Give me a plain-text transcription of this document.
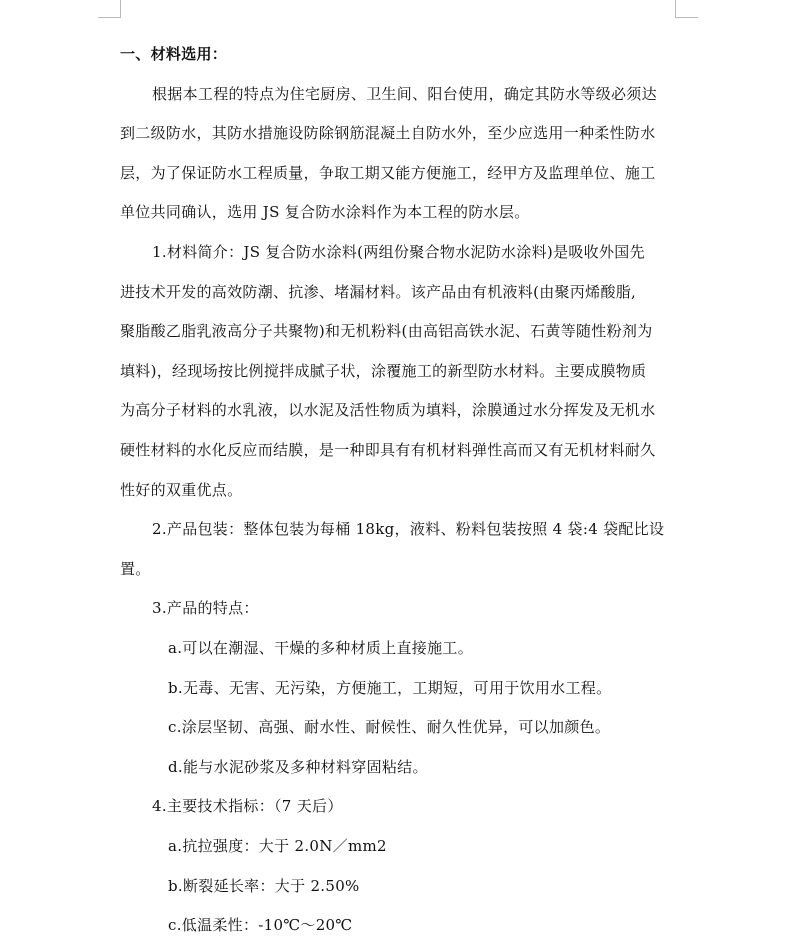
一、材料选用：
根据本工程的特点为住宅厨房、卫生间、阳台使用，确定其防水等级必须达
到二级防水，其防水措施设防除钢筋混凝土自防水外，至少应选用一种柔性防水
层，为了保证防水工程质量，争取工期又能方便施工，经甲方及监理单位、施工
单位共同确认，选用 JS 复合防水涂料作为本工程的防水层。
1.材料简介：JS 复合防水涂料(两组份聚合物水泥防水涂料)是吸收外国先
进技术开发的高效防潮、抗渗、堵漏材料。该产品由有机液料(由聚丙烯酸脂,
聚脂酸乙脂乳液高分子共聚物)和无机粉料(由高铝高铁水泥、石黄等随性粉剂为
填料)，经现场按比例搅拌成腻子状，涂覆施工的新型防水材料。主要成膜物质
为高分子材料的水乳液，以水泥及活性物质为填料，涂膜通过水分挥发及无机水
硬性材料的水化反应而结膜，是一种即具有有机材料弹性高而又有无机材料耐久
性好的双重优点。
2.产品包装：整体包装为每桶 18kg，液料、粉料包装按照 4 袋:4 袋配比设
置。
3.产品的特点：
a.可以在潮湿、干燥的多种材质上直接施工。
b.无毒、无害、无污染，方便施工，工期短，可用于饮用水工程。
c.涂层坚韧、高强、耐水性、耐候性、耐久性优异，可以加颜色。
d.能与水泥砂浆及多种材料穿固粘结。
4.主要技术指标：（7 天后）
a.抗拉强度：大于 2.0N／mm2
b.断裂延长率：大于 2.50%
c.低温柔性：-10℃～20℃
